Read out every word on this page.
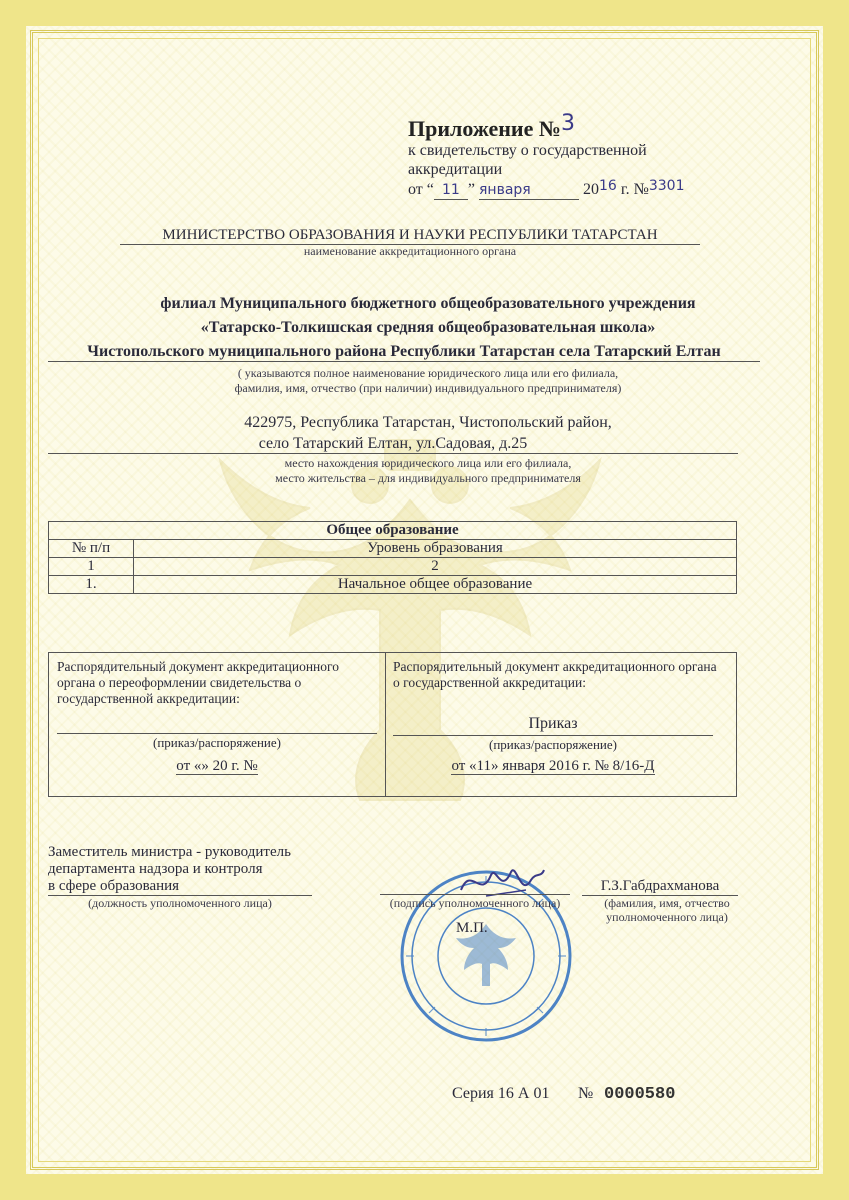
Приложение №3
к свидетельству о государственной
аккредитации
от “ 11 ” января	2016 г. №3301
МИНИСТЕРСТВО ОБРАЗОВАНИЯ И НАУКИ РЕСПУБЛИКИ ТАТАРСТАН
наименование аккредитационного органа
филиал Муниципального бюджетного общеобразовательного учреждения
«Татарско-Толкишская средняя общеобразовательная школа»
Чистопольского муниципального района Республики Татарстан села Татарский Елтан
( указываются полное наименование юридического лица или его филиала,
фамилия, имя, отчество (при наличии) индивидуального предпринимателя)
422975, Республика Татарстан, Чистопольский район,
село Татарский Елтан, ул.Садовая, д.25
место нахождения юридического лица или его филиала,
место жительства – для индивидуального предпринимателя
Общее образование	
№ п/п	Уровень образования
1	2
1.	Начальное общее образование
Распорядительный документ аккредитационного органа о переоформлении свидетельства о государственной аккредитации:
(приказ/распоряжение)
от «» 20 г. №
Распорядительный документ аккредитационного органа о государственной аккредитации:
Приказ
(приказ/распоряжение)
от «11» января 2016 г. № 8/16-Д
Заместитель министра - руководитель
департамента надзора и контроля
в сфере образования
(должность уполномоченного лица)	(подпись уполномоченного лица)
М.П.
Г.З.Габдрахманова
(фамилия, имя, отчество
уполномоченного лица)
Серия 16 А 01 № 0000580
